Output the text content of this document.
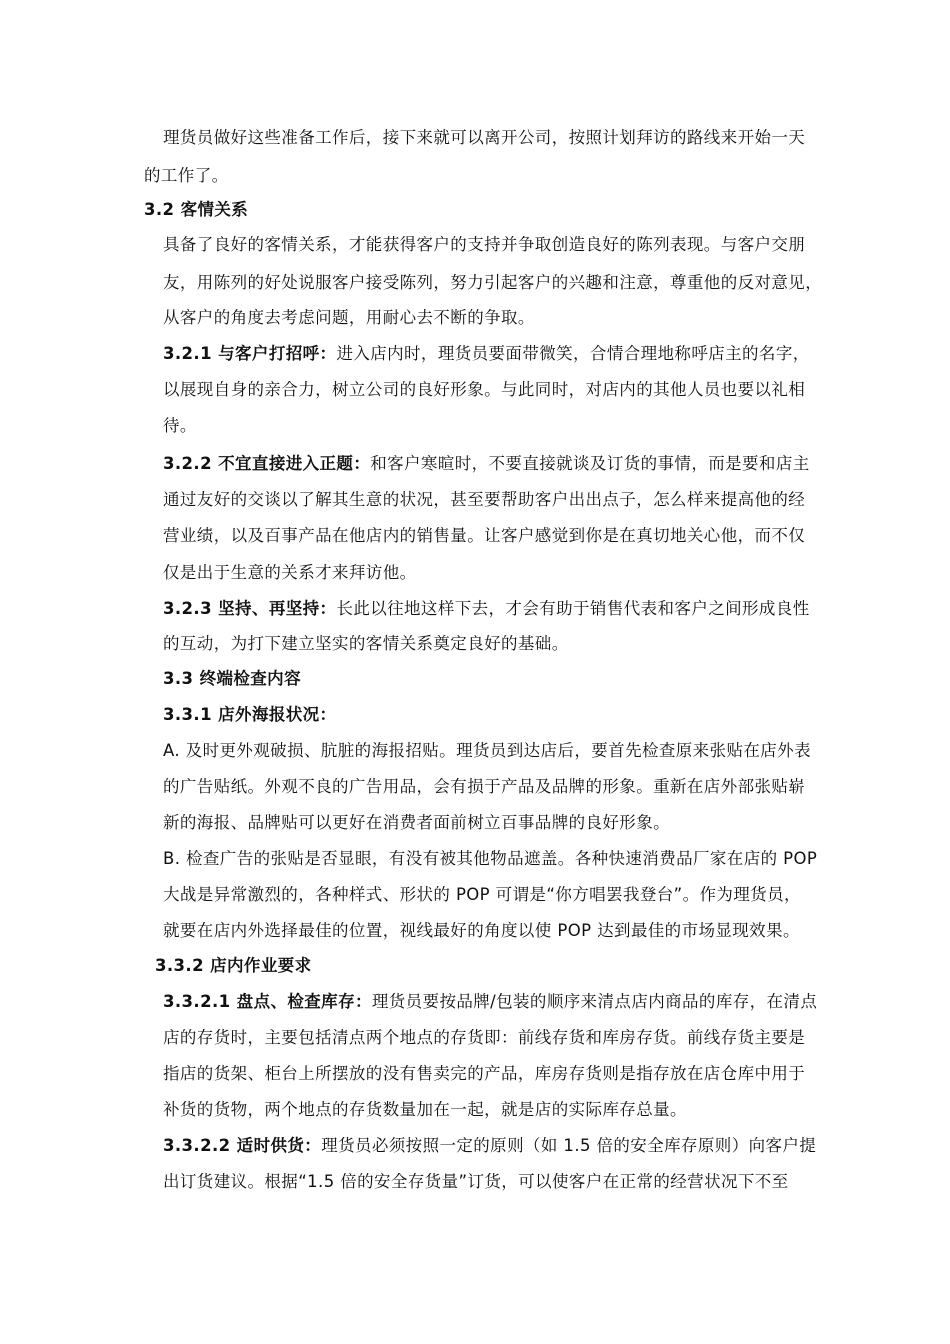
理货员做好这些准备工作后，接下来就可以离开公司，按照计划拜访的路线来开始一天
的工作了。
3.2 客情关系
具备了良好的客情关系，才能获得客户的支持并争取创造良好的陈列表现。与客户交朋
友，用陈列的好处说服客户接受陈列，努力引起客户的兴趣和注意，尊重他的反对意见，
从客户的角度去考虑问题，用耐心去不断的争取。
3.2.1 与客户打招呼：进入店内时，理货员要面带微笑，合情合理地称呼店主的名字，
以展现自身的亲合力，树立公司的良好形象。与此同时，对店内的其他人员也要以礼相
待。
3.2.2 不宜直接进入正题：和客户寒暄时，不要直接就谈及订货的事情，而是要和店主
通过友好的交谈以了解其生意的状况，甚至要帮助客户出出点子，怎么样来提高他的经
营业绩，以及百事产品在他店内的销售量。让客户感觉到你是在真切地关心他，而不仅
仅是出于生意的关系才来拜访他。
3.2.3 坚持、再坚持：长此以往地这样下去，才会有助于销售代表和客户之间形成良性
的互动，为打下建立坚实的客情关系奠定良好的基础。
3.3 终端检查内容
3.3.1 店外海报状况：
A. 及时更外观破损、肮脏的海报招贴。理货员到达店后，要首先检查原来张贴在店外表
的广告贴纸。外观不良的广告用品，会有损于产品及品牌的形象。重新在店外部张贴崭
新的海报、品牌贴可以更好在消费者面前树立百事品牌的良好形象。
B. 检查广告的张贴是否显眼，有没有被其他物品遮盖。各种快速消费品厂家在店的 POP
大战是异常激烈的，各种样式、形状的 POP 可谓是“你方唱罢我登台”。作为理货员，
就要在店内外选择最佳的位置，视线最好的角度以使 POP 达到最佳的市场显现效果。
3.3.2 店内作业要求
3.3.2.1 盘点、检查库存：理货员要按品牌/包装的顺序来清点店内商品的库存，在清点
店的存货时，主要包括清点两个地点的存货即：前线存货和库房存货。前线存货主要是
指店的货架、柜台上所摆放的没有售卖完的产品，库房存货则是指存放在店仓库中用于
补货的货物，两个地点的存货数量加在一起，就是店的实际库存总量。
3.3.2.2 适时供货：理货员必须按照一定的原则（如 1.5 倍的安全库存原则）向客户提
出订货建议。根据“1.5 倍的安全存货量”订货，可以使客户在正常的经营状况下不至
